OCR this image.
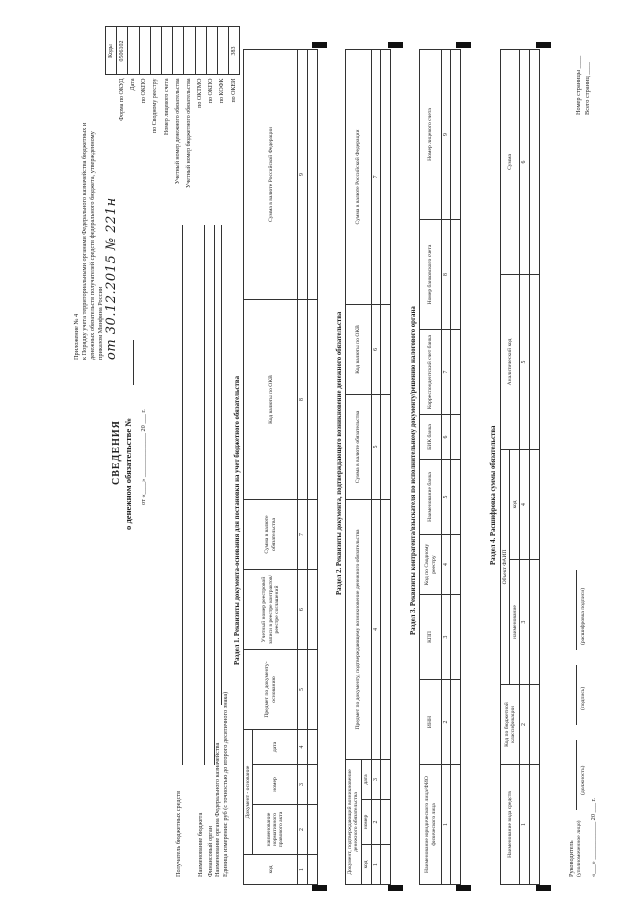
Приложение № 4 к Порядку учета территориальными органами Федерального казначейства бюджетных и денежных обязательств получателей средств федерального бюджета, утвержденному приказом Минфина России от 30.12.2015 № 221н
СВЕДЕНИЯ о денежном обязательстве № от «____» ______________ 20 ___ г.
	Коды
Форма по ОКУД	0506102
Дата	
по ОКПО	
по Сводному реестру	
Номер лицевого счета	
Учетный номер денежного обязательства	
Учетный номер бюджетного обязательства	
по ОКТМО	
по ОКПО	
по КОФК	
по ОКЕИ	383
Получатель бюджетных средств Наименование бюджета Финансовый орган Наименование органа Федерального казначейства Единица измерения: руб (с точностью до второго десятичного знака)
Раздел 1. Реквизиты документа-основания для постановки на учет бюджетного обязательства
код	Документ - основание			Предмет по документу-основанию	Учетный номер реестровой записи в реестре контрактов/реестре соглашений	Сумма в валюте обязательства	Код валюты по ОКВ	Сумма в валюте Российской Федерации
	наименование нормативного правового акта	номер	дата					
1	2	3	4	5	6	7	8	9

Раздел 2. Реквизиты документа, подтверждающего возникновение денежного обязательства
Документ, подтверждающий возникновение денежного обязательства			Предмет по документу, подтверждающему возникновение денежного обязательства	Сумма в валюте обязательства	Код валюты по ОКВ	Сумма в валюте Российской Федерации
код	номер	дата				
1	2	3	4	5	6	7

Раздел 3. Реквизиты контрагента/взыскателя по исполнительному документу/решению налогового органа
Наименование юридического лица/ФИО физического лица	ИНН	КПП	Код по Сводному реестру	Наименование банка	БИК банка	Корреспондентский счет банка	Номер банковского счета	Номер лицевого счета
1	2	3	4	5	6	7	8	9

Раздел 4. Расшифровка суммы обязательства
Наименование вида средств	Код по бюджетной классификации	Объект ФАИП		Аналитический код	Сумма
		наименование	код		
1	2	3	4	5	6

Руководитель (уполномоченное лицо)
(должность)
(подпись)
(расшифровка подписи)
«___» ____________ 20 ___ г.
Номер страницы ____ Всего страниц ____
